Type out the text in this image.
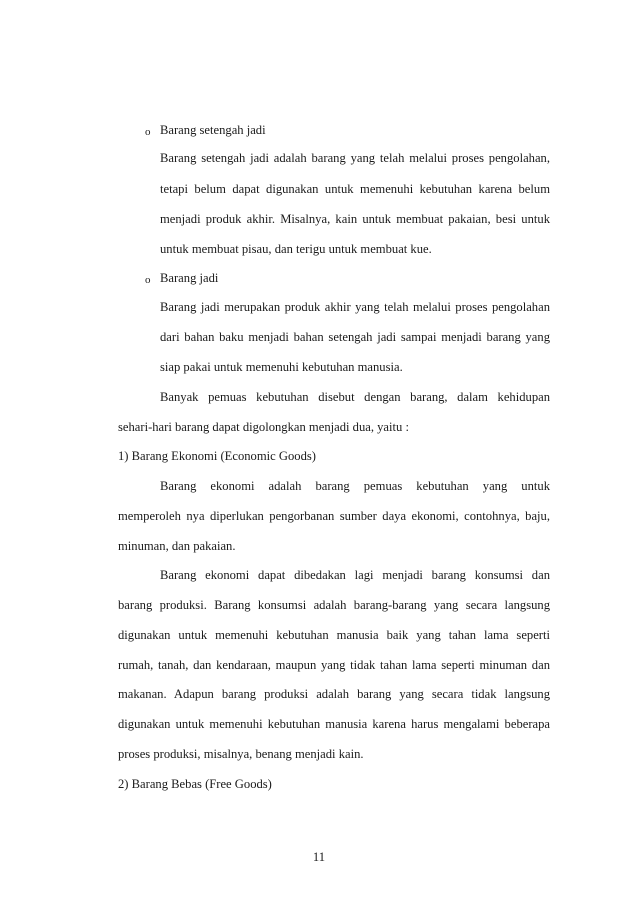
o Barang setengah jadi
Barang setengah jadi adalah barang yang telah melalui proses pengolahan,
tetapi belum dapat digunakan untuk memenuhi kebutuhan karena belum
menjadi produk akhir. Misalnya, kain untuk membuat pakaian, besi untuk
untuk membuat pisau, dan terigu untuk membuat kue.
o Barang jadi
Barang jadi merupakan produk akhir yang telah melalui proses pengolahan
dari bahan baku menjadi bahan setengah jadi sampai menjadi barang yang
siap pakai untuk memenuhi kebutuhan manusia.
Banyak pemuas kebutuhan disebut dengan barang, dalam kehidupan
sehari-hari barang dapat digolongkan menjadi dua, yaitu :
1) Barang Ekonomi (Economic Goods)
Barang ekonomi adalah barang pemuas kebutuhan yang untuk
memperoleh nya diperlukan pengorbanan sumber daya ekonomi, contohnya, baju,
minuman, dan pakaian.
Barang ekonomi dapat dibedakan lagi menjadi barang konsumsi dan
barang produksi. Barang konsumsi adalah barang-barang yang secara langsung
digunakan untuk memenuhi kebutuhan manusia baik yang tahan lama seperti
rumah, tanah, dan kendaraan, maupun yang tidak tahan lama seperti minuman dan
makanan. Adapun barang produksi adalah barang yang secara tidak langsung
digunakan untuk memenuhi kebutuhan manusia karena harus mengalami beberapa
proses produksi, misalnya, benang menjadi kain.
2) Barang Bebas (Free Goods)
11
